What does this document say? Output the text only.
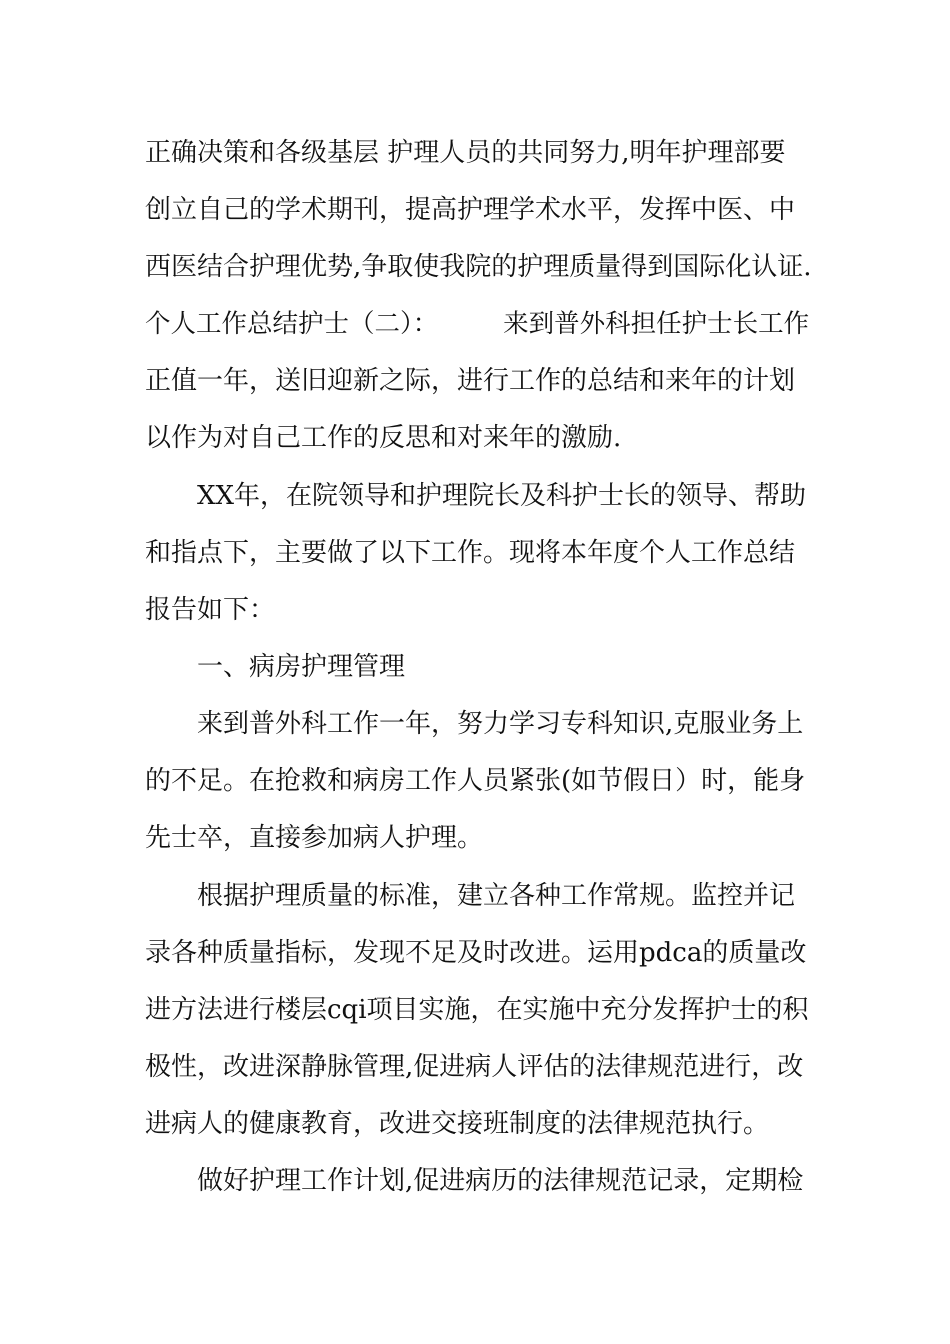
正确决策和各级基层 护理人员的共同努力,明年护理部要
创立自己的学术期刊，提高护理学术水平，发挥中医、中
西医结合护理优势,争取使我院的护理质量得到国际化认证.
个人工作总结护士（二）：        来到普外科担任护士长工作
正值一年，送旧迎新之际，进行工作的总结和来年的计划
以作为对自己工作的反思和对来年的激励.
XX年，在院领导和护理院长及科护士长的领导、帮助
和指点下，主要做了以下工作。现将本年度个人工作总结
报告如下：
一、病房护理管理
来到普外科工作一年，努力学习专科知识,克服业务上
的不足。在抢救和病房工作人员紧张(如节假日）时，能身
先士卒，直接参加病人护理。
根据护理质量的标准，建立各种工作常规。监控并记
录各种质量指标，发现不足及时改进。运用pdca的质量改
进方法进行楼层cqi项目实施，在实施中充分发挥护士的积
极性，改进深静脉管理,促进病人评估的法律规范进行，改
进病人的健康教育，改进交接班制度的法律规范执行。
做好护理工作计划,促进病历的法律规范记录，定期检
